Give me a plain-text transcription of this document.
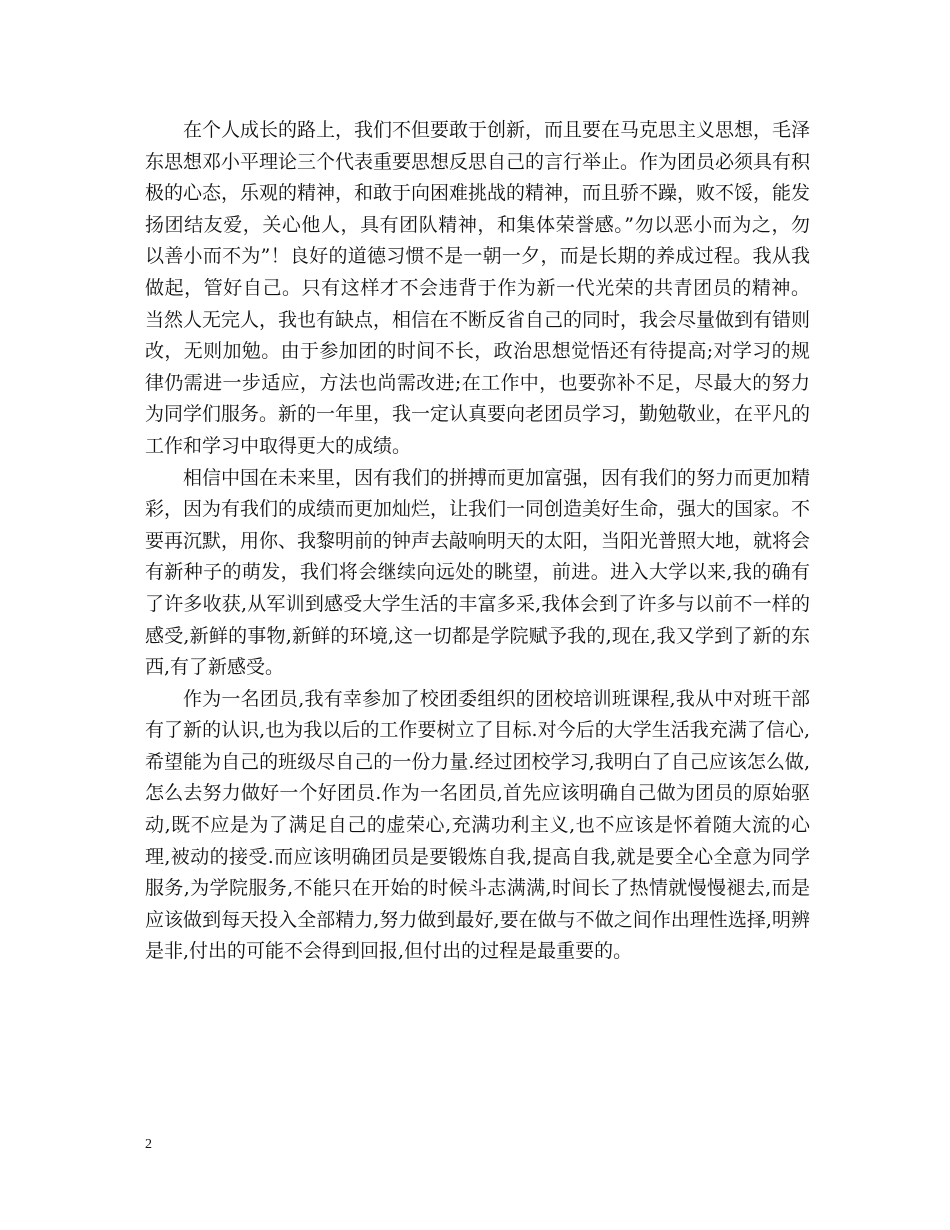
在个人成长的路上，我们不但要敢于创新，而且要在马克思主义思想，毛泽东思想邓小平理论三个代表重要思想反思自己的言行举止。作为团员必须具有积极的心态，乐观的精神，和敢于向困难挑战的精神，而且骄不躁，败不馁，能发扬团结友爱，关心他人，具有团队精神，和集体荣誉感。”勿以恶小而为之，勿以善小而不为”！良好的道德习惯不是一朝一夕，而是长期的养成过程。我从我做起，管好自己。只有这样才不会违背于作为新一代光荣的共青团员的精神。  当然人无完人，我也有缺点，相信在不断反省自己的同时，我会尽量做到有错则改，无则加勉。由于参加团的时间不长，政治思想觉悟还有待提高;对学习的规律仍需进一步适应，方法也尚需改进;在工作中，也要弥补不足，尽最大的努力为同学们服务。新的一年里，我一定认真要向老团员学习，勤勉敬业，在平凡的工作和学习中取得更大的成绩。

相信中国在未来里，因有我们的拼搏而更加富强，因有我们的努力而更加精彩，因为有我们的成绩而更加灿烂，让我们一同创造美好生命，强大的国家。不要再沉默，用你、我黎明前的钟声去敲响明天的太阳，当阳光普照大地，就将会有新种子的萌发，我们将会继续向远处的眺望，前进。进入大学以来,我的确有了许多收获,从军训到感受大学生活的丰富多采,我体会到了许多与以前不一样的感受,新鲜的事物,新鲜的环境,这一切都是学院赋予我的,现在,我又学到了新的东西,有了新感受。

作为一名团员,我有幸参加了校团委组织的团校培训班课程,我从中对班干部有了新的认识,也为我以后的工作要树立了目标.对今后的大学生活我充满了信心,希望能为自己的班级尽自己的一份力量.经过团校学习,我明白了自己应该怎么做,怎么去努力做好一个好团员.作为一名团员,首先应该明确自己做为团员的原始驱动,既不应是为了满足自己的虚荣心,充满功利主义,也不应该是怀着随大流的心理,被动的接受.而应该明确团员是要锻炼自我,提高自我,就是要全心全意为同学服务,为学院服务,不能只在开始的时候斗志满满,时间长了热情就慢慢褪去,而是应该做到每天投入全部精力,努力做到最好,要在做与不做之间作出理性选择,明辨是非,付出的可能不会得到回报,但付出的过程是最重要的。

2
